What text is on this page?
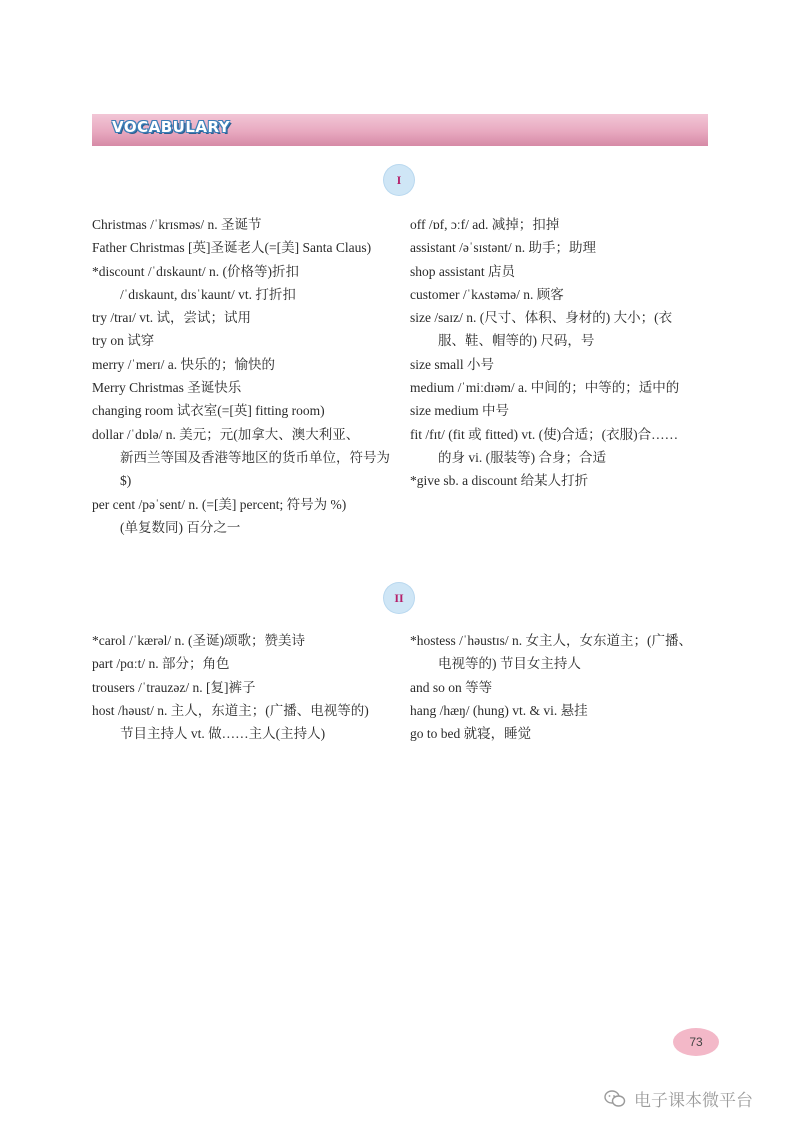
VOCABULARY
I
Christmas /ˈkrɪsməs/ n. 圣诞节
Father Christmas [英]圣诞老人(=[美] Santa Claus)
*discount /ˈdɪskaunt/ n. (价格等)折扣
/ˈdɪskaunt, dɪsˈkaunt/ vt. 打折扣
try /traɪ/ vt. 试，尝试；试用
try on 试穿
merry /ˈmerɪ/ a. 快乐的；愉快的
Merry Christmas 圣诞快乐
changing room 试衣室(=[英] fitting room)
dollar /ˈdɒlə/ n. 美元；元(加拿大、澳大利亚、
新西兰等国及香港等地区的货币单位，符号为
$)
per cent /pəˈsent/ n. (=[美] percent; 符号为 %)
(单复数同) 百分之一
off /ɒf, ɔːf/ ad. 减掉；扣掉
assistant /əˈsɪstənt/ n. 助手；助理
shop assistant 店员
customer /ˈkʌstəmə/ n. 顾客
size /saɪz/ n. (尺寸、体积、身材的) 大小；(衣
服、鞋、帽等的) 尺码，号
size small 小号
medium /ˈmiːdɪəm/ a. 中间的；中等的；适中的
size medium 中号
fit /fɪt/ (fit 或 fitted) vt. (使)合适；(衣服)合……
的身 vi. (服装等) 合身；合适
*give sb. a discount 给某人打折
II
*carol /ˈkærəl/ n. (圣诞)颂歌；赞美诗
part /pɑːt/ n. 部分；角色
trousers /ˈtrauzəz/ n. [复]裤子
host /həust/ n. 主人，东道主；(广播、电视等的)
节目主持人 vt. 做……主人(主持人)
*hostess /ˈhəustɪs/ n. 女主人，女东道主；(广播、
电视等的) 节目女主持人
and so on 等等
hang /hæŋ/ (hung) vt. & vi. 悬挂
go to bed 就寝，睡觉
73
电子课本微平台
